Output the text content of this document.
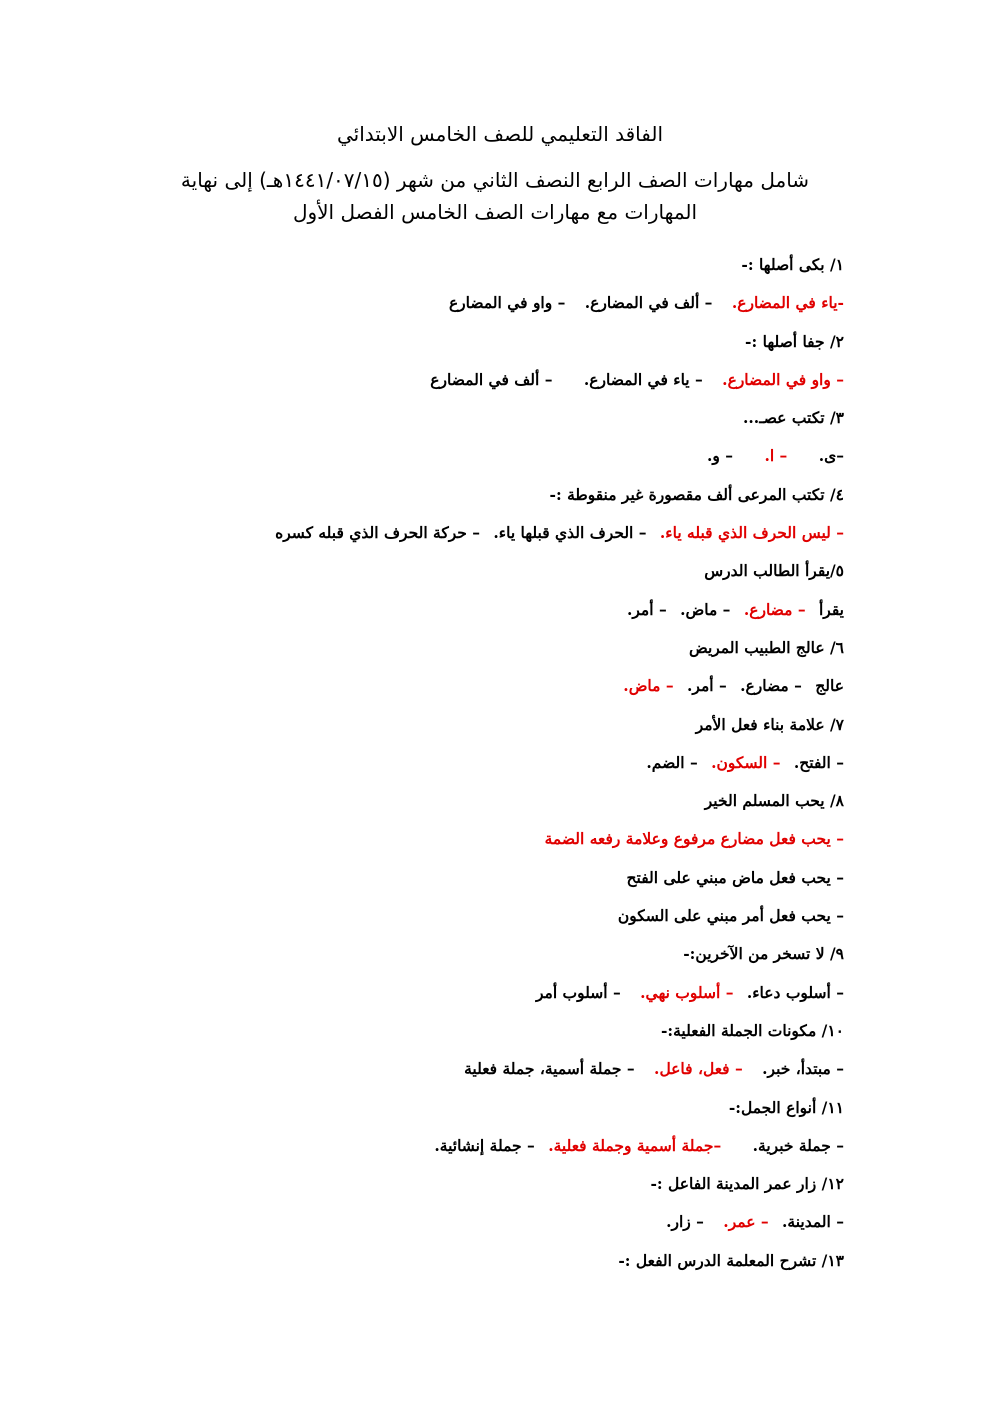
الفاقد التعليمي للصف الخامس الابتدائي
شامل مهارات الصف الرابع النصف الثاني من شهر (١٤٤١/٠٧/١٥هـ) إلى نهاية
المهارات مع مهارات الصف الخامس الفصل الأول
١/ بكى أصلها :-
-ياء في المضارع. – ألف في المضارع. – واو في المضارع
٢/ جفا أصلها :-
– واو في المضارع. – ياء في المضارع. – ألف في المضارع
٣/ تكتب عصـ...
–ى. – ا. – و.
٤/ تكتب المرعى ألف مقصورة غير منقوطة :-
– ليس الحرف الذي قبله ياء. – الحرف الذي قبلها ياء. – حركة الحرف الذي قبله كسره
٥/يقرأ الطالب الدرس
يقرأ – مضارع. – ماض. – أمر.
٦/ عالج الطبيب المريض
عالج – مضارع. – أمر. – ماض.
٧/ علامة بناء فعل الأمر
– الفتح. – السكون. – الضم.
٨/ يحب المسلم الخير
– يحب فعل مضارع مرفوع وعلامة رفعه الضمة
– يحب فعل ماض مبني على الفتح
– يحب فعل أمر مبني على السكون
٩/ لا تسخر من الآخرين:-
– أسلوب دعاء. – أسلوب نهي. – أسلوب أمر
١٠/ مكونات الجملة الفعلية:-
– مبتدأ، خبر. – فعل، فاعل. – جملة أسمية، جملة فعلية
١١/ أنواع الجمل:-
– جملة خبرية. –جملة أسمية وجملة فعلية. – جملة إنشائية.
١٢/ زار عمر المدينة الفاعل :-
– المدينة. – عمر. – زار.
١٣/ تشرح المعلمة الدرس الفعل :-
